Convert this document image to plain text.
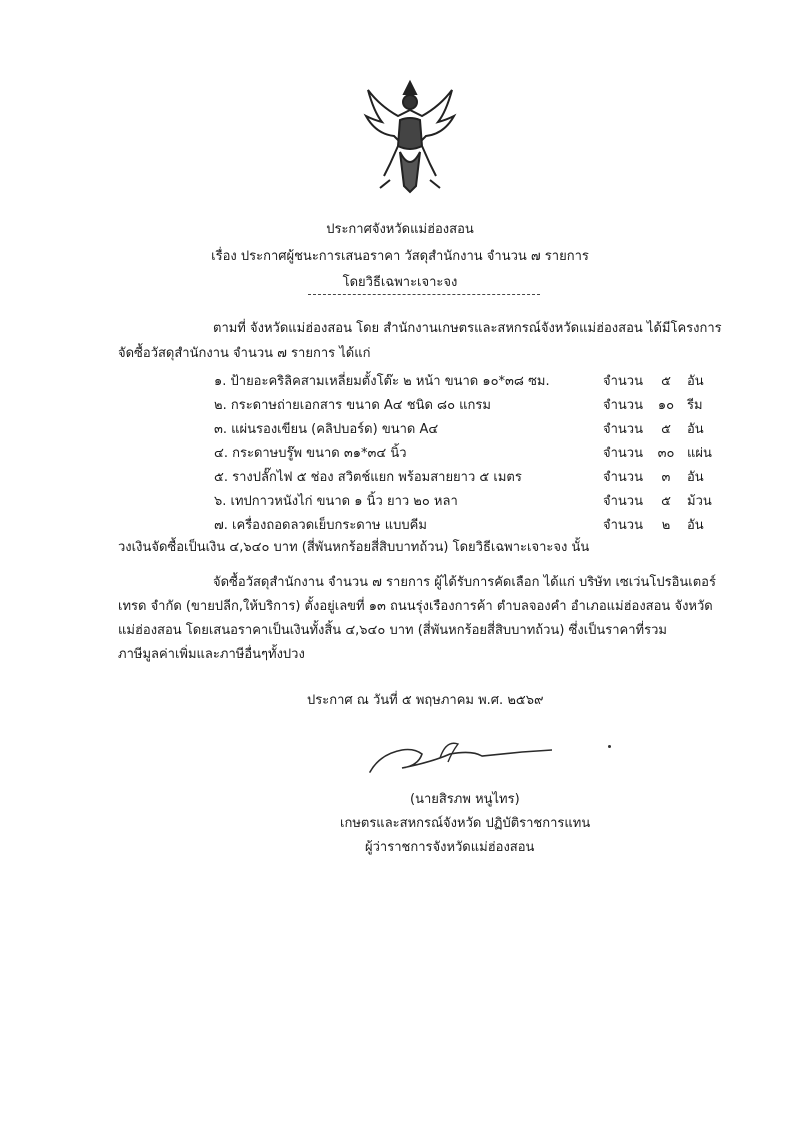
ประกาศจังหวัดแม่ฮ่องสอน
เรื่อง ประกาศผู้ชนะการเสนอราคา วัสดุสำนักงาน จำนวน ๗ รายการ
โดยวิธีเฉพาะเจาะจง
ตามที่ จังหวัดแม่ฮ่องสอน โดย สำนักงานเกษตรและสหกรณ์จังหวัดแม่ฮ่องสอน ได้มีโครงการ
จัดซื้อวัสดุสำนักงาน จำนวน ๗ รายการ ได้แก่
๑. ป้ายอะคริลิคสามเหลี่ยมตั้งโต๊ะ ๒ หน้า ขนาด ๑๐*๓๘ ซม.	จำนวน ๕ อัน
๒. กระดาษถ่ายเอกสาร ขนาด A๔ ชนิด ๘๐ แกรม	จำนวน ๑๐ รีม
๓. แผ่นรองเขียน (คลิปบอร์ด) ขนาด A๔	จำนวน ๕ อัน
๔. กระดาษบรู๊พ ขนาด ๓๑*๓๔ นิ้ว	จำนวน ๓๐ แผ่น
๕. รางปลั๊กไฟ ๕ ช่อง สวิตช์แยก พร้อมสายยาว ๕ เมตร	จำนวน ๓ อัน
๖. เทปกาวหนังไก่ ขนาด ๑ นิ้ว ยาว ๒๐ หลา	จำนวน ๕ ม้วน
๗. เครื่องถอดลวดเย็บกระดาษ แบบคีม	จำนวน ๒ อัน
วงเงินจัดซื้อเป็นเงิน ๔,๖๔๐ บาท (สี่พันหกร้อยสี่สิบบาทถ้วน) โดยวิธีเฉพาะเจาะจง นั้น
จัดซื้อวัสดุสำนักงาน จำนวน ๗ รายการ ผู้ได้รับการคัดเลือก ได้แก่ บริษัท เซเว่นโปรอินเตอร์
เทรด จำกัด (ขายปลีก,ให้บริการ) ตั้งอยู่เลขที่ ๑๓ ถนนรุ่งเรืองการค้า ตำบลจองคำ อำเภอแม่ฮ่องสอน จังหวัด
แม่ฮ่องสอน โดยเสนอราคาเป็นเงินทั้งสิ้น ๔,๖๔๐ บาท (สี่พันหกร้อยสี่สิบบาทถ้วน) ซึ่งเป็นราคาที่รวม
ภาษีมูลค่าเพิ่มและภาษีอื่นๆทั้งปวง
ประกาศ ณ วันที่ ๕ พฤษภาคม พ.ศ. ๒๕๖๙
(นายสิรภพ หนูไทร)
เกษตรและสหกรณ์จังหวัด ปฏิบัติราชการแทน
ผู้ว่าราชการจังหวัดแม่ฮ่องสอน
